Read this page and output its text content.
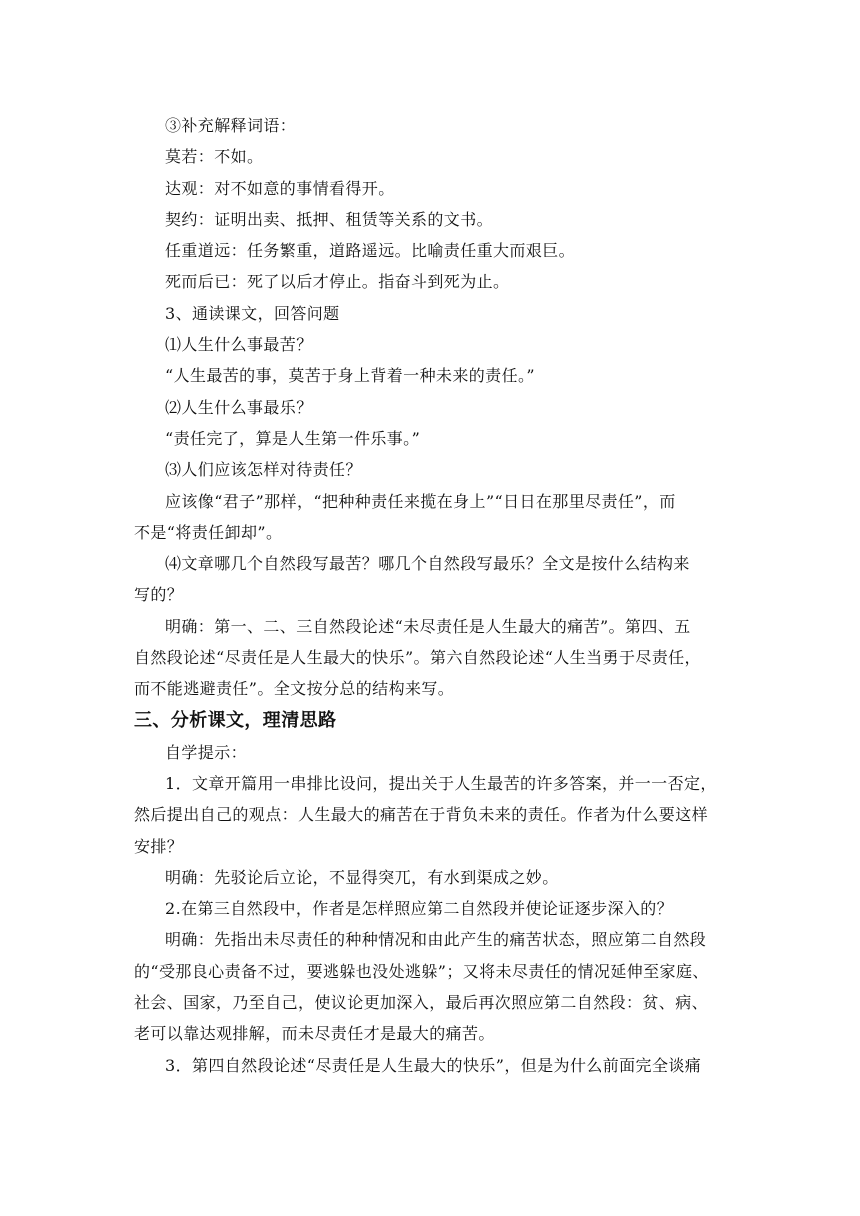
③补充解释词语：

莫若：不如。

达观：对不如意的事情看得开。

契约：证明出卖、抵押、租赁等关系的文书。

任重道远：任务繁重，道路遥远。比喻责任重大而艰巨。

死而后已：死了以后才停止。指奋斗到死为止。

3、通读课文，回答问题

⑴人生什么事最苦？

“人生最苦的事，莫苦于身上背着一种未来的责任。”

⑵人生什么事最乐？

“责任完了，算是人生第一件乐事。”

⑶人们应该怎样对待责任？

应该像“君子”那样，“把种种责任来揽在身上”“日日在那里尽责任”，而

不是“将责任卸却”。

⑷文章哪几个自然段写最苦？哪几个自然段写最乐？全文是按什么结构来

写的？

明确：第一、二、三自然段论述“未尽责任是人生最大的痛苦”。第四、五

自然段论述“尽责任是人生最大的快乐”。第六自然段论述“人生当勇于尽责任，

而不能逃避责任”。全文按分总的结构来写。

三、分析课文，理清思路

自学提示：

1．文章开篇用一串排比设问，提出关于人生最苦的许多答案，并一一否定，

然后提出自己的观点：人生最大的痛苦在于背负未来的责任。作者为什么要这样

安排？

明确：先驳论后立论，不显得突兀，有水到渠成之妙。

2.在第三自然段中，作者是怎样照应第二自然段并使论证逐步深入的？

明确：先指出未尽责任的种种情况和由此产生的痛苦状态，照应第二自然段

的“受那良心责备不过，要逃躲也没处逃躲”；又将未尽责任的情况延伸至家庭、

社会、国家，乃至自己，使议论更加深入，最后再次照应第二自然段：贫、病、

老可以靠达观排解，而未尽责任才是最大的痛苦。

3．第四自然段论述“尽责任是人生最大的快乐”，但是为什么前面完全谈痛
